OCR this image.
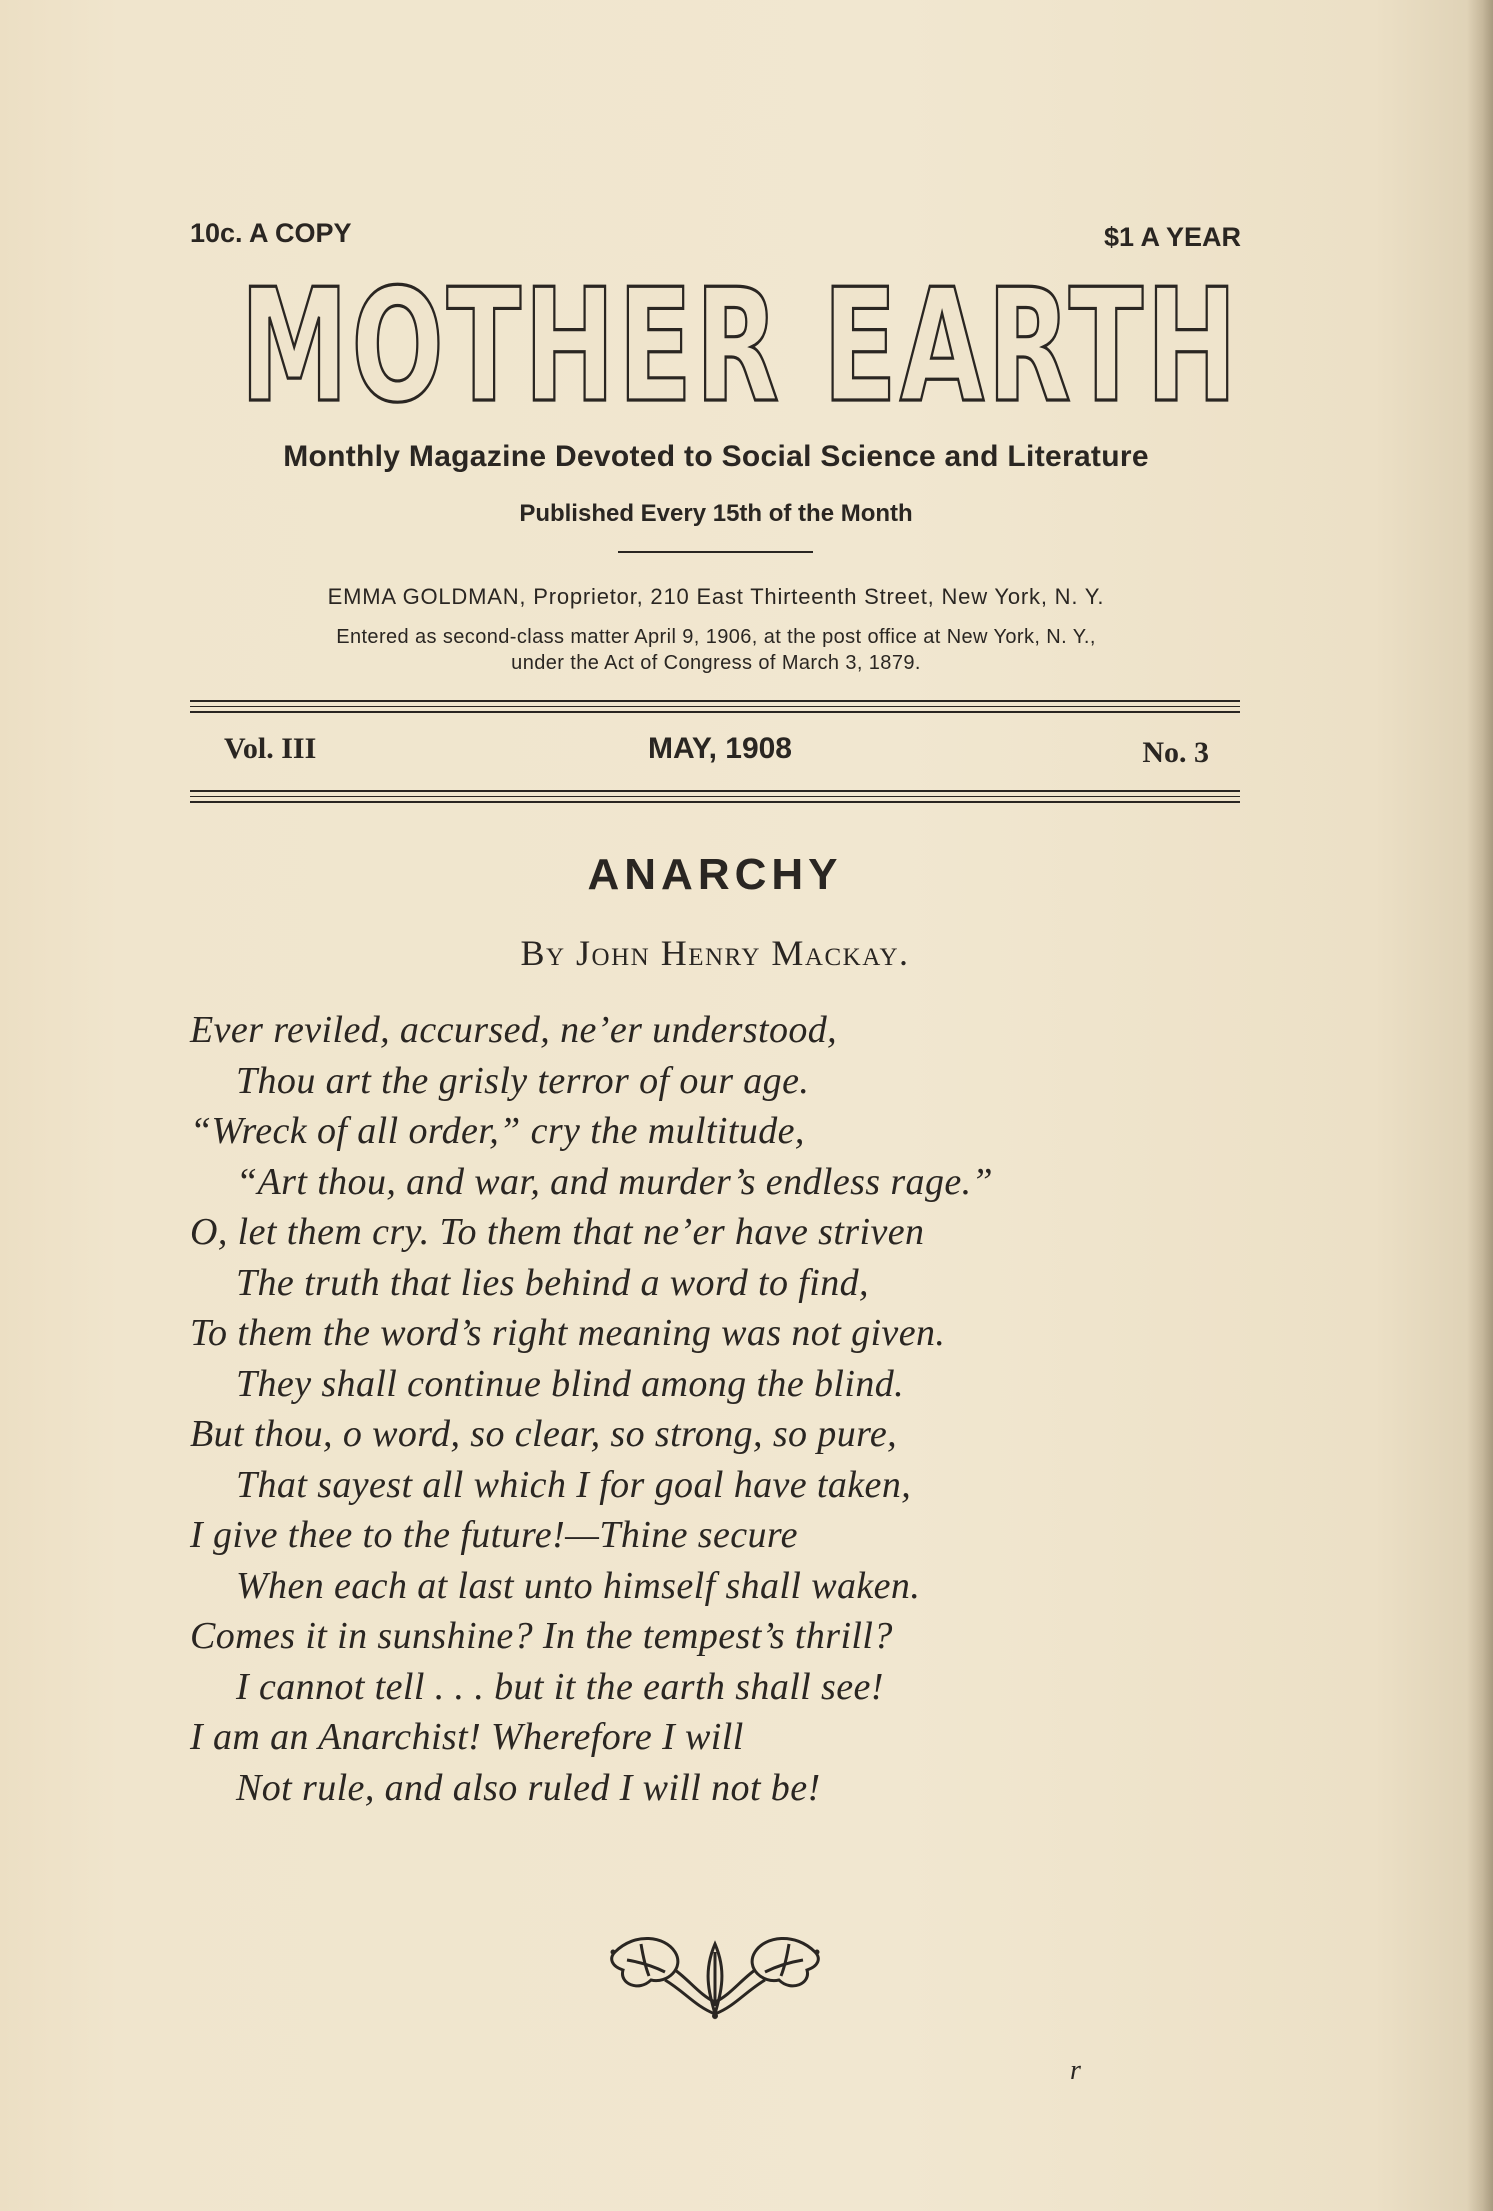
10c. A COPY	$1 A YEAR
MOTHER EARTH
Monthly Magazine Devoted to Social Science and Literature
Published Every 15th of the Month
EMMA GOLDMAN, Proprietor, 210 East Thirteenth Street, New York, N. Y.
Entered as second-class matter April 9, 1906, at the post office at New York, N. Y.,
under the Act of Congress of March 3, 1879.
Vol. III	MAY, 1908	No. 3
ANARCHY
By John Henry Mackay.
Ever reviled, accursed, ne’er understood,
Thou art the grisly terror of our age.
“Wreck of all order,” cry the multitude,
“Art thou, and war, and murder’s endless rage.”
O, let them cry. To them that ne’er have striven
The truth that lies behind a word to find,
To them the word’s right meaning was not given.
They shall continue blind among the blind.
But thou, o word, so clear, so strong, so pure,
That sayest all which I for goal have taken,
I give thee to the future!—Thine secure
When each at last unto himself shall waken.
Comes it in sunshine? In the tempest’s thrill?
I cannot tell . . . but it the earth shall see!
I am an Anarchist! Wherefore I will
Not rule, and also ruled I will not be!
r
